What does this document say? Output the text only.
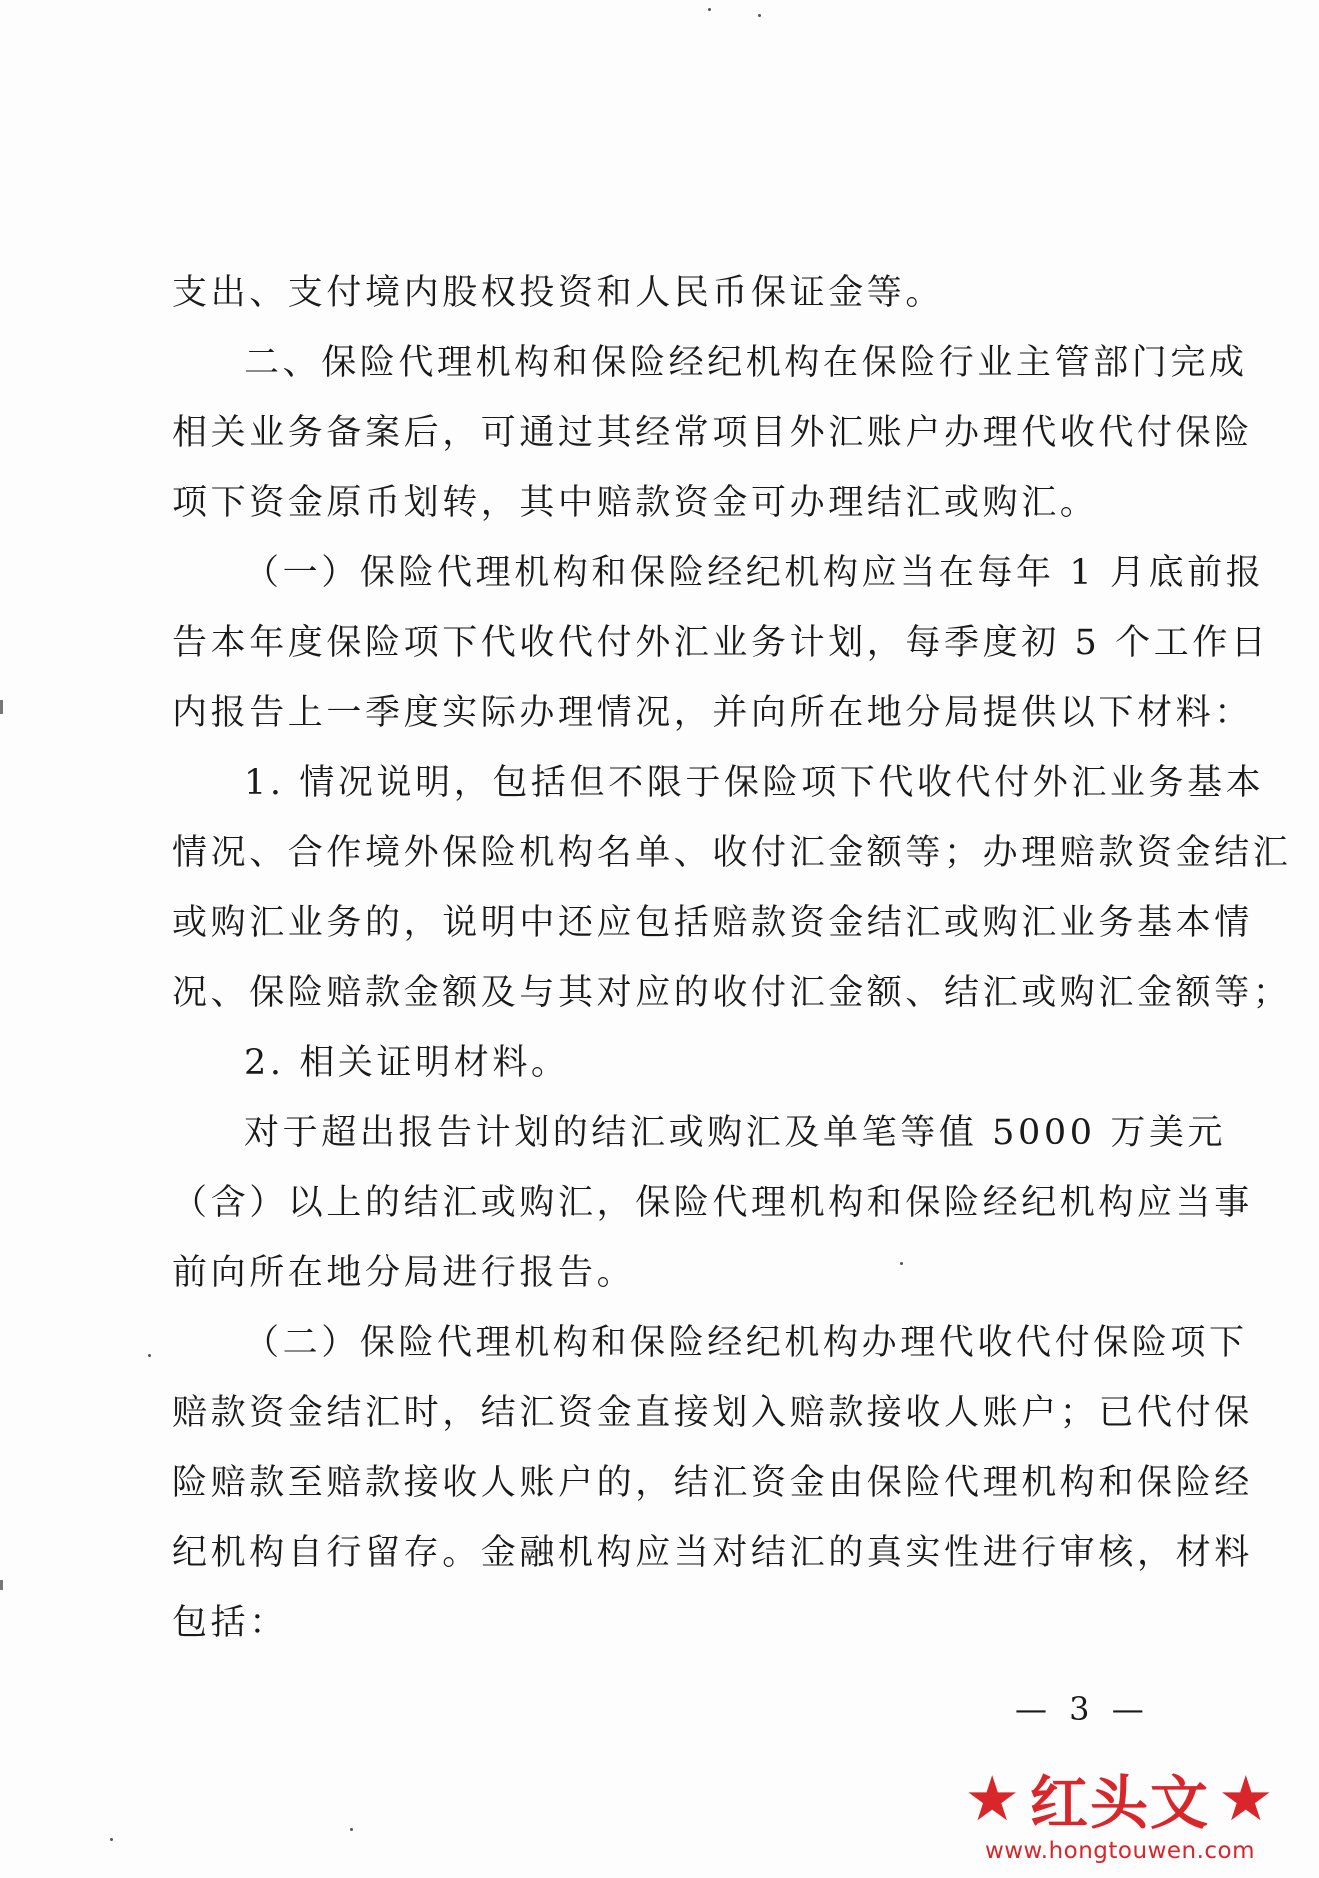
支出、支付境内股权投资和人民币保证金等。
二、保险代理机构和保险经纪机构在保险行业主管部门完成
相关业务备案后，可通过其经常项目外汇账户办理代收代付保险
项下资金原币划转，其中赔款资金可办理结汇或购汇。
（一）保险代理机构和保险经纪机构应当在每年 1 月底前报
告本年度保险项下代收代付外汇业务计划，每季度初 5 个工作日
内报告上一季度实际办理情况，并向所在地分局提供以下材料：
1. 情况说明，包括但不限于保险项下代收代付外汇业务基本
情况、合作境外保险机构名单、收付汇金额等；办理赔款资金结汇
或购汇业务的，说明中还应包括赔款资金结汇或购汇业务基本情
况、保险赔款金额及与其对应的收付汇金额、结汇或购汇金额等；
2. 相关证明材料。
对于超出报告计划的结汇或购汇及单笔等值 5000 万美元
（含）以上的结汇或购汇，保险代理机构和保险经纪机构应当事
前向所在地分局进行报告。
（二）保险代理机构和保险经纪机构办理代收代付保险项下
赔款资金结汇时，结汇资金直接划入赔款接收人账户；已代付保
险赔款至赔款接收人账户的，结汇资金由保险代理机构和保险经
纪机构自行留存。金融机构应当对结汇的真实性进行审核，材料
包括：
— 3 —
★ 红头文 ★
www.hongtouwen.com
